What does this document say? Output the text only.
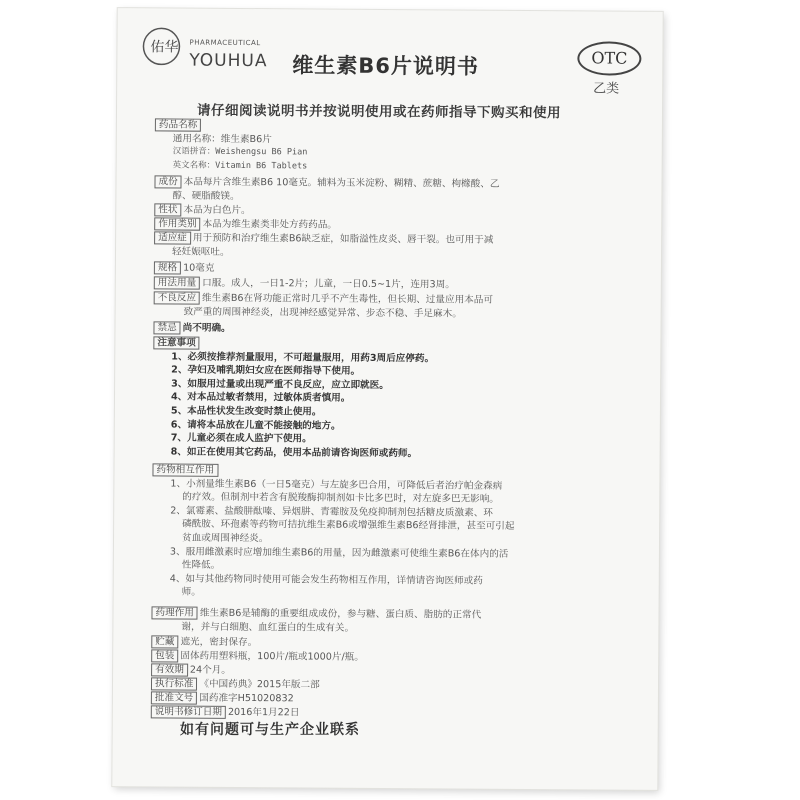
佑华 PHARMACEUTICAL
YOUHUA 维生素B6片说明书	OTC
乙类
请仔细阅读说明书并按说明使用或在药师指导下购买和使用
药品名称
通用名称：维生素B6片
汉语拼音：Weishengsu B6 Pian
英文名称：Vitamin B6 Tablets
成份 本品每片含维生素B6 10毫克。辅料为玉米淀粉、糊精、蔗糖、枸橼酸、乙
醇、硬脂酸镁。
性状 本品为白色片。
作用类别 本品为维生素类非处方药药品。
适应症 用于预防和治疗维生素B6缺乏症，如脂溢性皮炎、唇干裂。也可用于减
轻妊娠呕吐。
规格 10毫克
用法用量 口服。成人，一日1-2片；儿童，一日0.5~1片，连用3周。
不良反应 维生素B6在肾功能正常时几乎不产生毒性，但长期、过量应用本品可
致严重的周围神经炎，出现神经感觉异常、步态不稳、手足麻木。
禁忌 尚不明确。
注意事项
1、必须按推荐剂量服用，不可超量服用，用药3周后应停药。
2、孕妇及哺乳期妇女应在医师指导下使用。
3、如服用过量或出现严重不良反应，应立即就医。
4、对本品过敏者禁用，过敏体质者慎用。
5、本品性状发生改变时禁止使用。
6、请将本品放在儿童不能接触的地方。
7、儿童必须在成人监护下使用。
8、如正在使用其它药品，使用本品前请咨询医师或药师。
药物相互作用
1、小剂量维生素B6（一日5毫克）与左旋多巴合用，可降低后者治疗帕金森病
的疗效。但制剂中若含有脱羧酶抑制剂如卡比多巴时，对左旋多巴无影响。
2、氯霉素、盐酸肼酞嗪、异烟肼、青霉胺及免疫抑制剂包括糖皮质激素、环
磷酰胺、环孢素等药物可拮抗维生素B6或增强维生素B6经肾排泄，甚至可引起
贫血或周围神经炎。
3、服用雌激素时应增加维生素B6的用量，因为雌激素可使维生素B6在体内的活
性降低。
4、如与其他药物同时使用可能会发生药物相互作用，详情请咨询医师或药
师。
药理作用 维生素B6是辅酶的重要组成成份，参与糖、蛋白质、脂肪的正常代
谢，并与白细胞、血红蛋白的生成有关。
贮藏 遮光，密封保存。
包装 固体药用塑料瓶，100片/瓶或1000片/瓶。
有效期 24个月。
执行标准 《中国药典》2015年版二部
批准文号 国药准字H51020832
说明书修订日期 2016年1月22日
如有问题可与生产企业联系
